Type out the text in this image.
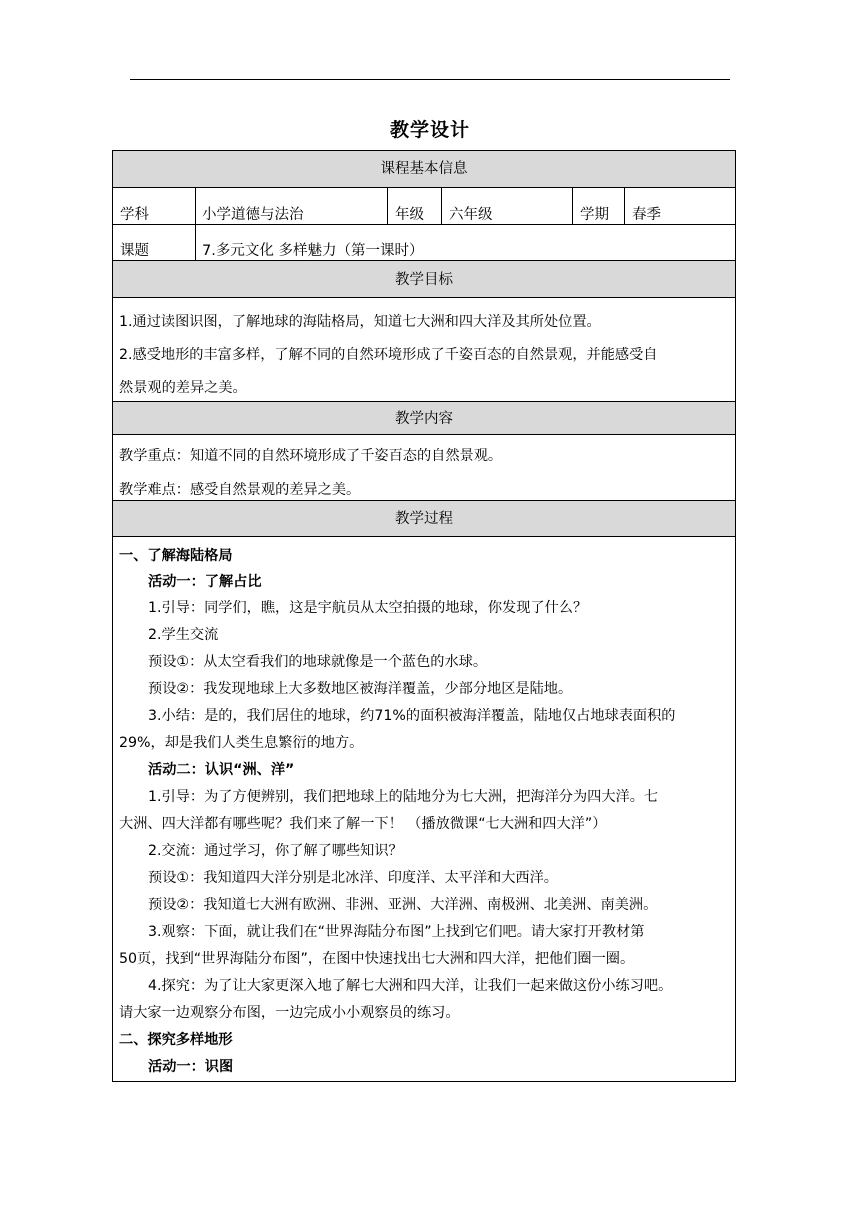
教学设计
课程基本信息
学科	小学道德与法治	年级 六年级	学期 春季
课题	7.多元文化 多样魅力（第一课时）
教学目标
1.通过读图识图，了解地球的海陆格局，知道七大洲和四大洋及其所处位置。
2.感受地形的丰富多样，了解不同的自然环境形成了千姿百态的自然景观，并能感受自
然景观的差异之美。
教学内容
教学重点：知道不同的自然环境形成了千姿百态的自然景观。
教学难点：感受自然景观的差异之美。
教学过程
一、了解海陆格局
活动一：了解占比
1.引导：同学们，瞧，这是宇航员从太空拍摄的地球，你发现了什么？
2.学生交流
预设①：从太空看我们的地球就像是一个蓝色的水球。
预设②：我发现地球上大多数地区被海洋覆盖，少部分地区是陆地。
3.小结：是的，我们居住的地球，约71%的面积被海洋覆盖，陆地仅占地球表面积的
29%，却是我们人类生息繁衍的地方。
活动二：认识“洲、洋”
1.引导：为了方便辨别，我们把地球上的陆地分为七大洲，把海洋分为四大洋。七
大洲、四大洋都有哪些呢？我们来了解一下！ （播放微课“七大洲和四大洋”）
2.交流：通过学习，你了解了哪些知识？
预设①：我知道四大洋分别是北冰洋、印度洋、太平洋和大西洋。
预设②：我知道七大洲有欧洲、非洲、亚洲、大洋洲、南极洲、北美洲、南美洲。
3.观察：下面，就让我们在“世界海陆分布图”上找到它们吧。请大家打开教材第
50页，找到“世界海陆分布图”，在图中快速找出七大洲和四大洋，把他们圈一圈。
4.探究：为了让大家更深入地了解七大洲和四大洋，让我们一起来做这份小练习吧。
请大家一边观察分布图，一边完成小小观察员的练习。
二、探究多样地形
活动一：识图
